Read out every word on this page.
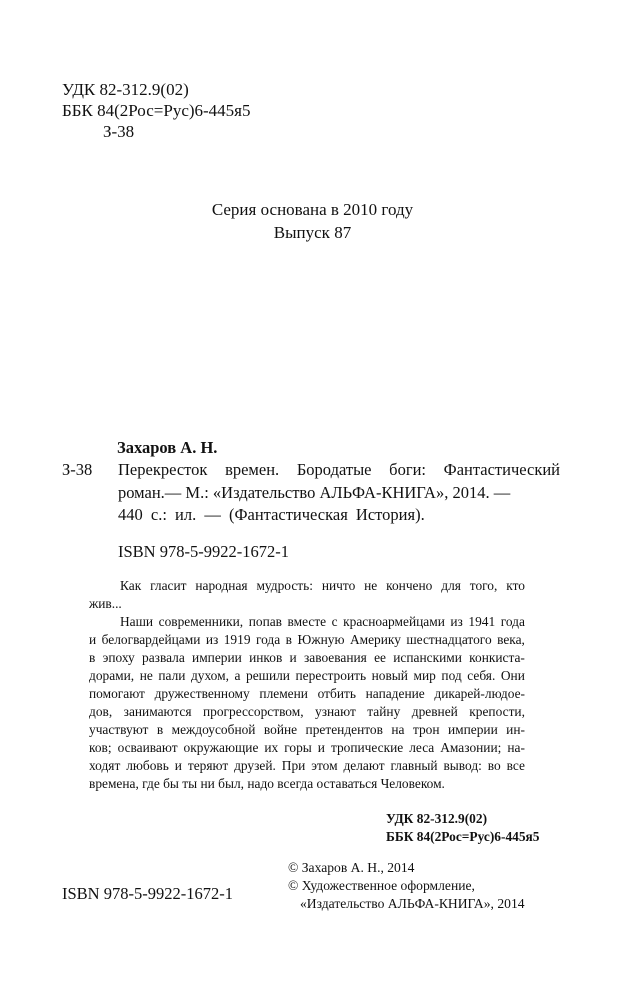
УДК 82-312.9(02)
ББК 84(2Рос=Рус)6-445я5
З-38
Серия основана в 2010 году
Выпуск 87
Захаров А. Н.
З-38 Перекресток времен. Бородатые боги: Фантастический
роман.— М.: «Издательство АЛЬФА-КНИГА», 2014. —
440 с.: ил. — (Фантастическая История).
ISBN 978-5-9922-1672-1
Как гласит народная мудрость: ничто не кончено для того, кто
жив...
Наши современники, попав вместе с красноармейцами из 1941 года
и белогвардейцами из 1919 года в Южную Америку шестнадцатого века,
в эпоху развала империи инков и завоевания ее испанскими конкиста-
дорами, не пали духом, а решили перестроить новый мир под себя. Они
помогают дружественному племени отбить нападение дикарей-людое-
дов, занимаются прогрессорством, узнают тайну древней крепости,
участвуют в междоусобной войне претендентов на трон империи ин-
ков; осваивают окружающие их горы и тропические леса Амазонии; на-
ходят любовь и теряют друзей. При этом делают главный вывод: во все
времена, где бы ты ни был, надо всегда оставаться Человеком.
УДК 82-312.9(02)
ББК 84(2Рос=Рус)6-445я5
© Захаров А. Н., 2014
© Художественное оформление,
«Издательство АЛЬФА-КНИГА», 2014
ISBN 978-5-9922-1672-1
